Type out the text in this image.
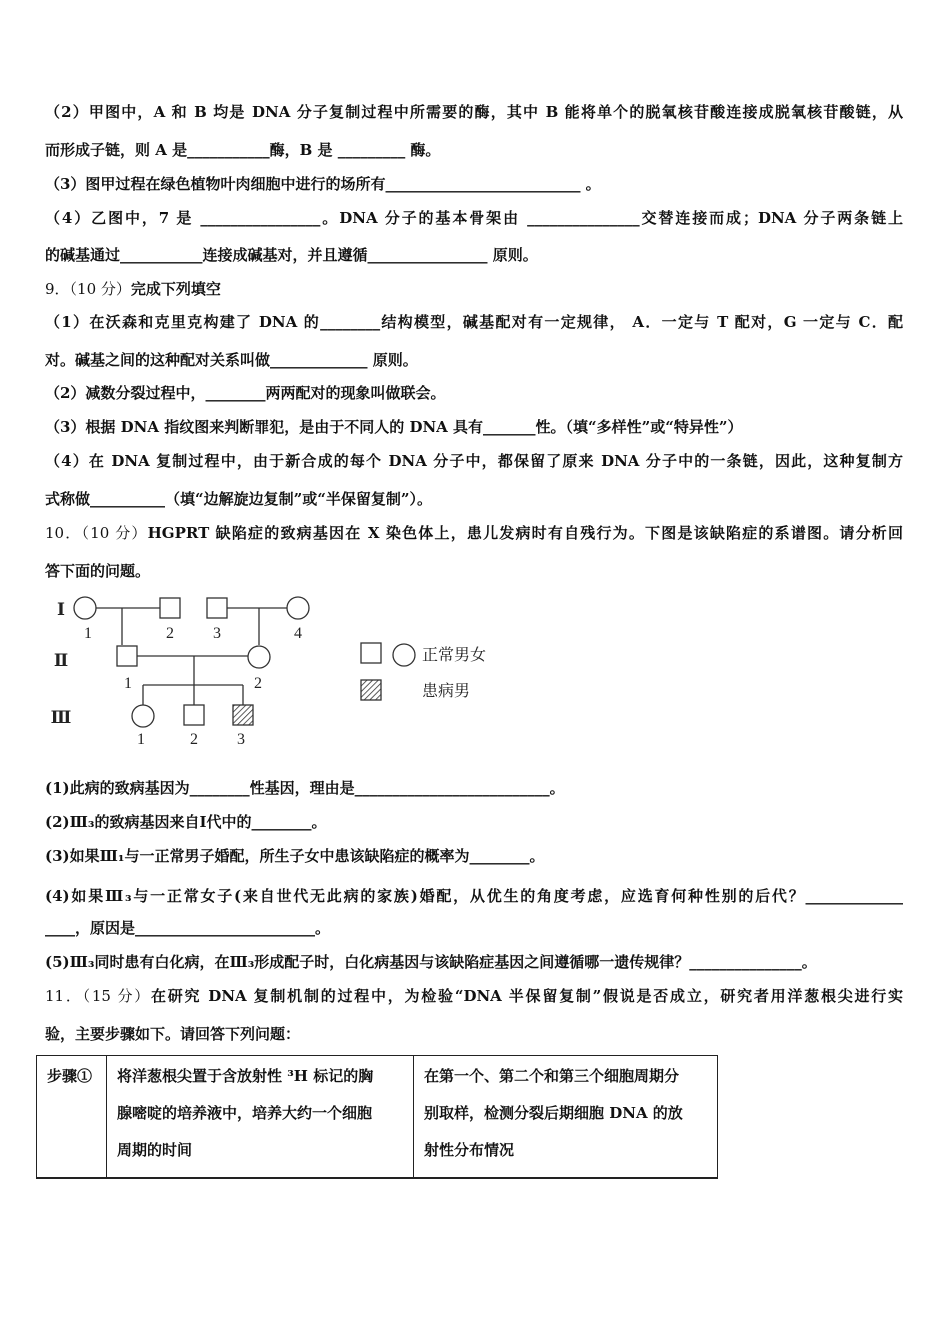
（2）甲图中，A 和 B 均是 DNA 分子复制过程中所需要的酶，其中 B 能将单个的脱氧核苷酸连接成脱氧核苷酸链，从
而形成子链，则 A 是___________酶，B 是 _________ 酶。
（3）图甲过程在绿色植物叶肉细胞中进行的场所有__________________________ 。
（4）乙图中，7 是 ________________。DNA 分子的基本骨架由 _______________交替连接而成；DNA 分子两条链上
的碱基通过___________连接成碱基对，并且遵循________________ 原则。
9．（10 分）完成下列填空
（1）在沃森和克里克构建了 DNA 的________结构模型，碱基配对有一定规律， A．一定与 T 配对，G 一定与 C．配
对。碱基之间的这种配对关系叫做_____________ 原则。
（2）减数分裂过程中，________两两配对的现象叫做联会。
（3）根据 DNA 指纹图来判断罪犯，是由于不同人的 DNA 具有_______性。（填“多样性”或“特异性”）
（4）在 DNA 复制过程中，由于新合成的每个 DNA 分子中，都保留了原来 DNA 分子中的一条链，因此，这种复制方
式称做__________（填“边解旋边复制”或“半保留复制”）。
10．（10 分）HGPRT 缺陷症的致病基因在 X 染色体上，患儿发病时有自残行为。下图是该缺陷症的系谱图。请分析回
答下面的问题。
Ⅰ
Ⅱ
Ⅲ
1	2 3	4
1	2
1	2 3
正常男女
患病男
(1)此病的致病基因为________性基因，理由是__________________________。
(2)Ⅲ₃的致病基因来自Ⅰ代中的________。
(3)如果Ⅲ₁与一正常男子婚配，所生子女中患该缺陷症的概率为________。
(4)如果Ⅲ₃与一正常女子(来自世代无此病的家族)婚配，从优生的角度考虑，应选育何种性别的后代？_____________
____，原因是________________________。
(5)Ⅲ₃同时患有白化病，在Ⅲ₃形成配子时，白化病基因与该缺陷症基因之间遵循哪一遗传规律？_______________。
11．（15 分）在研究 DNA 复制机制的过程中，为检验“DNA 半保留复制”假说是否成立，研究者用洋葱根尖进行实
验，主要步骤如下。请回答下列问题：
步骤① 将洋葱根尖置于含放射性 ³H 标记的胸
腺嘧啶的培养液中，培养大约一个细胞
周期的时间
在第一个、第二个和第三个细胞周期分
别取样，检测分裂后期细胞 DNA 的放
射性分布情况
